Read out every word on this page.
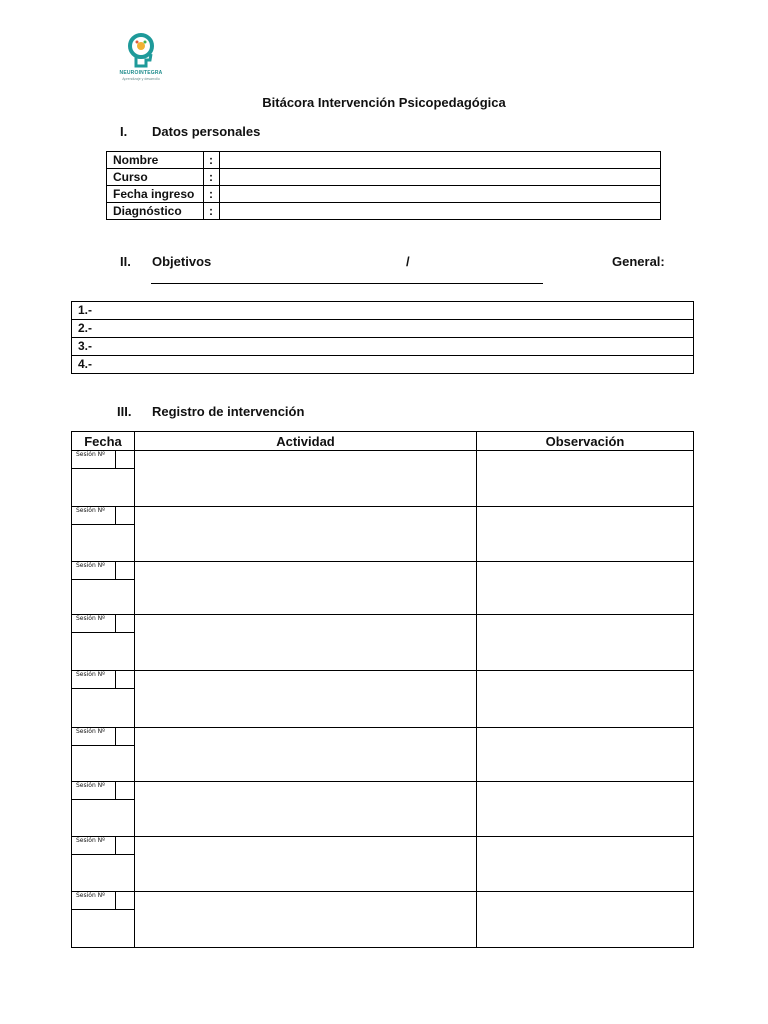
NEUROINTEGRA
Aprendizaje y desarrollo
Bitácora Intervención Psicopedagógica
I. Datos personales
Nombre	:	
Curso	:	
Fecha ingreso	:	
Diagnóstico	:	
II. Objetivos	/	General:
1.-
2.-
3.-
4.-
III. Registro de intervención
Fecha	Actividad	Observación

Sesión Nº		

Sesión Nº		

Sesión Nº		

Sesión Nº		

Sesión Nº		

Sesión Nº		

Sesión Nº		

Sesión Nº		

Sesión Nº		
